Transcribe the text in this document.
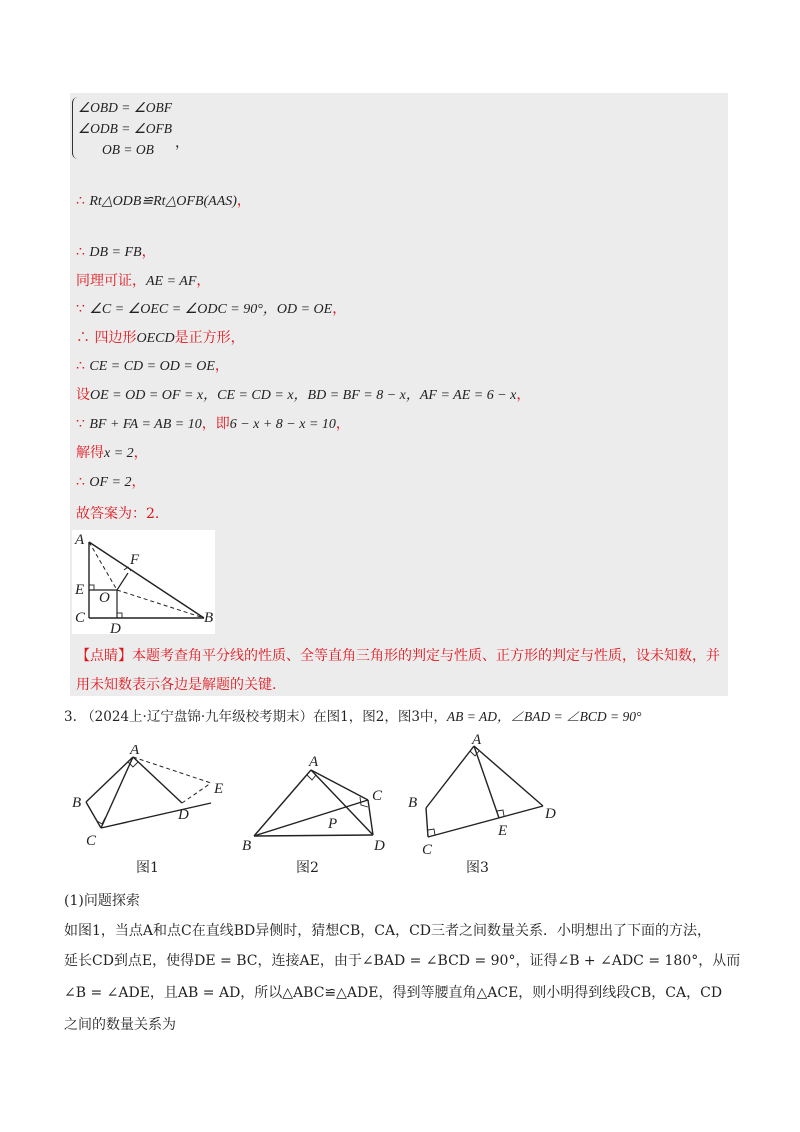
∠OBD = ∠OBF
∠ODB = ∠OFB
OB = OB	，
∴ Rt△ODB≌Rt△OFB(AAS)，
∴ DB = FB，
同理可证，AE = AF，
∵ ∠C = ∠OEC = ∠ODC = 90°，OD = OE，
∴ 四边形OECD是正方形，
∴ CE = CD = OD = OE，
设OE = OD = OF = x，CE = CD = x，BD = BF = 8 − x，AF = AE = 6 − x，
∵ BF + FA = AB = 10，即6 − x + 8 − x = 10，
解得x = 2，
∴ OF = 2，
故答案为：2.
A
F
E O
C
D
B
【点睛】本题考查角平分线的性质、全等直角三角形的判定与性质、正方形的判定与性质，设未知数，并
用未知数表示各边是解题的关键.
3. （2024上·辽宁盘锦·九年级校考期末）在图1，图2，图3中，AB = AD，∠BAD = ∠BCD = 90°
A
B
C
D
E
图1
A
B
C
D
P
图2
A
B
C
D
E
图3
(1)问题探索
如图1，当点A和点C在直线BD异侧时，猜想CB，CA，CD三者之间数量关系．小明想出了下面的方法，
延长CD到点E，使得DE = BC，连接AE，由于∠BAD = ∠BCD = 90°，证得∠B + ∠ADC = 180°，从而
∠B = ∠ADE，且AB = AD，所以△ABC≌△ADE，得到等腰直角△ACE，则小明得到线段CB，CA，CD
之间的数量关系为
